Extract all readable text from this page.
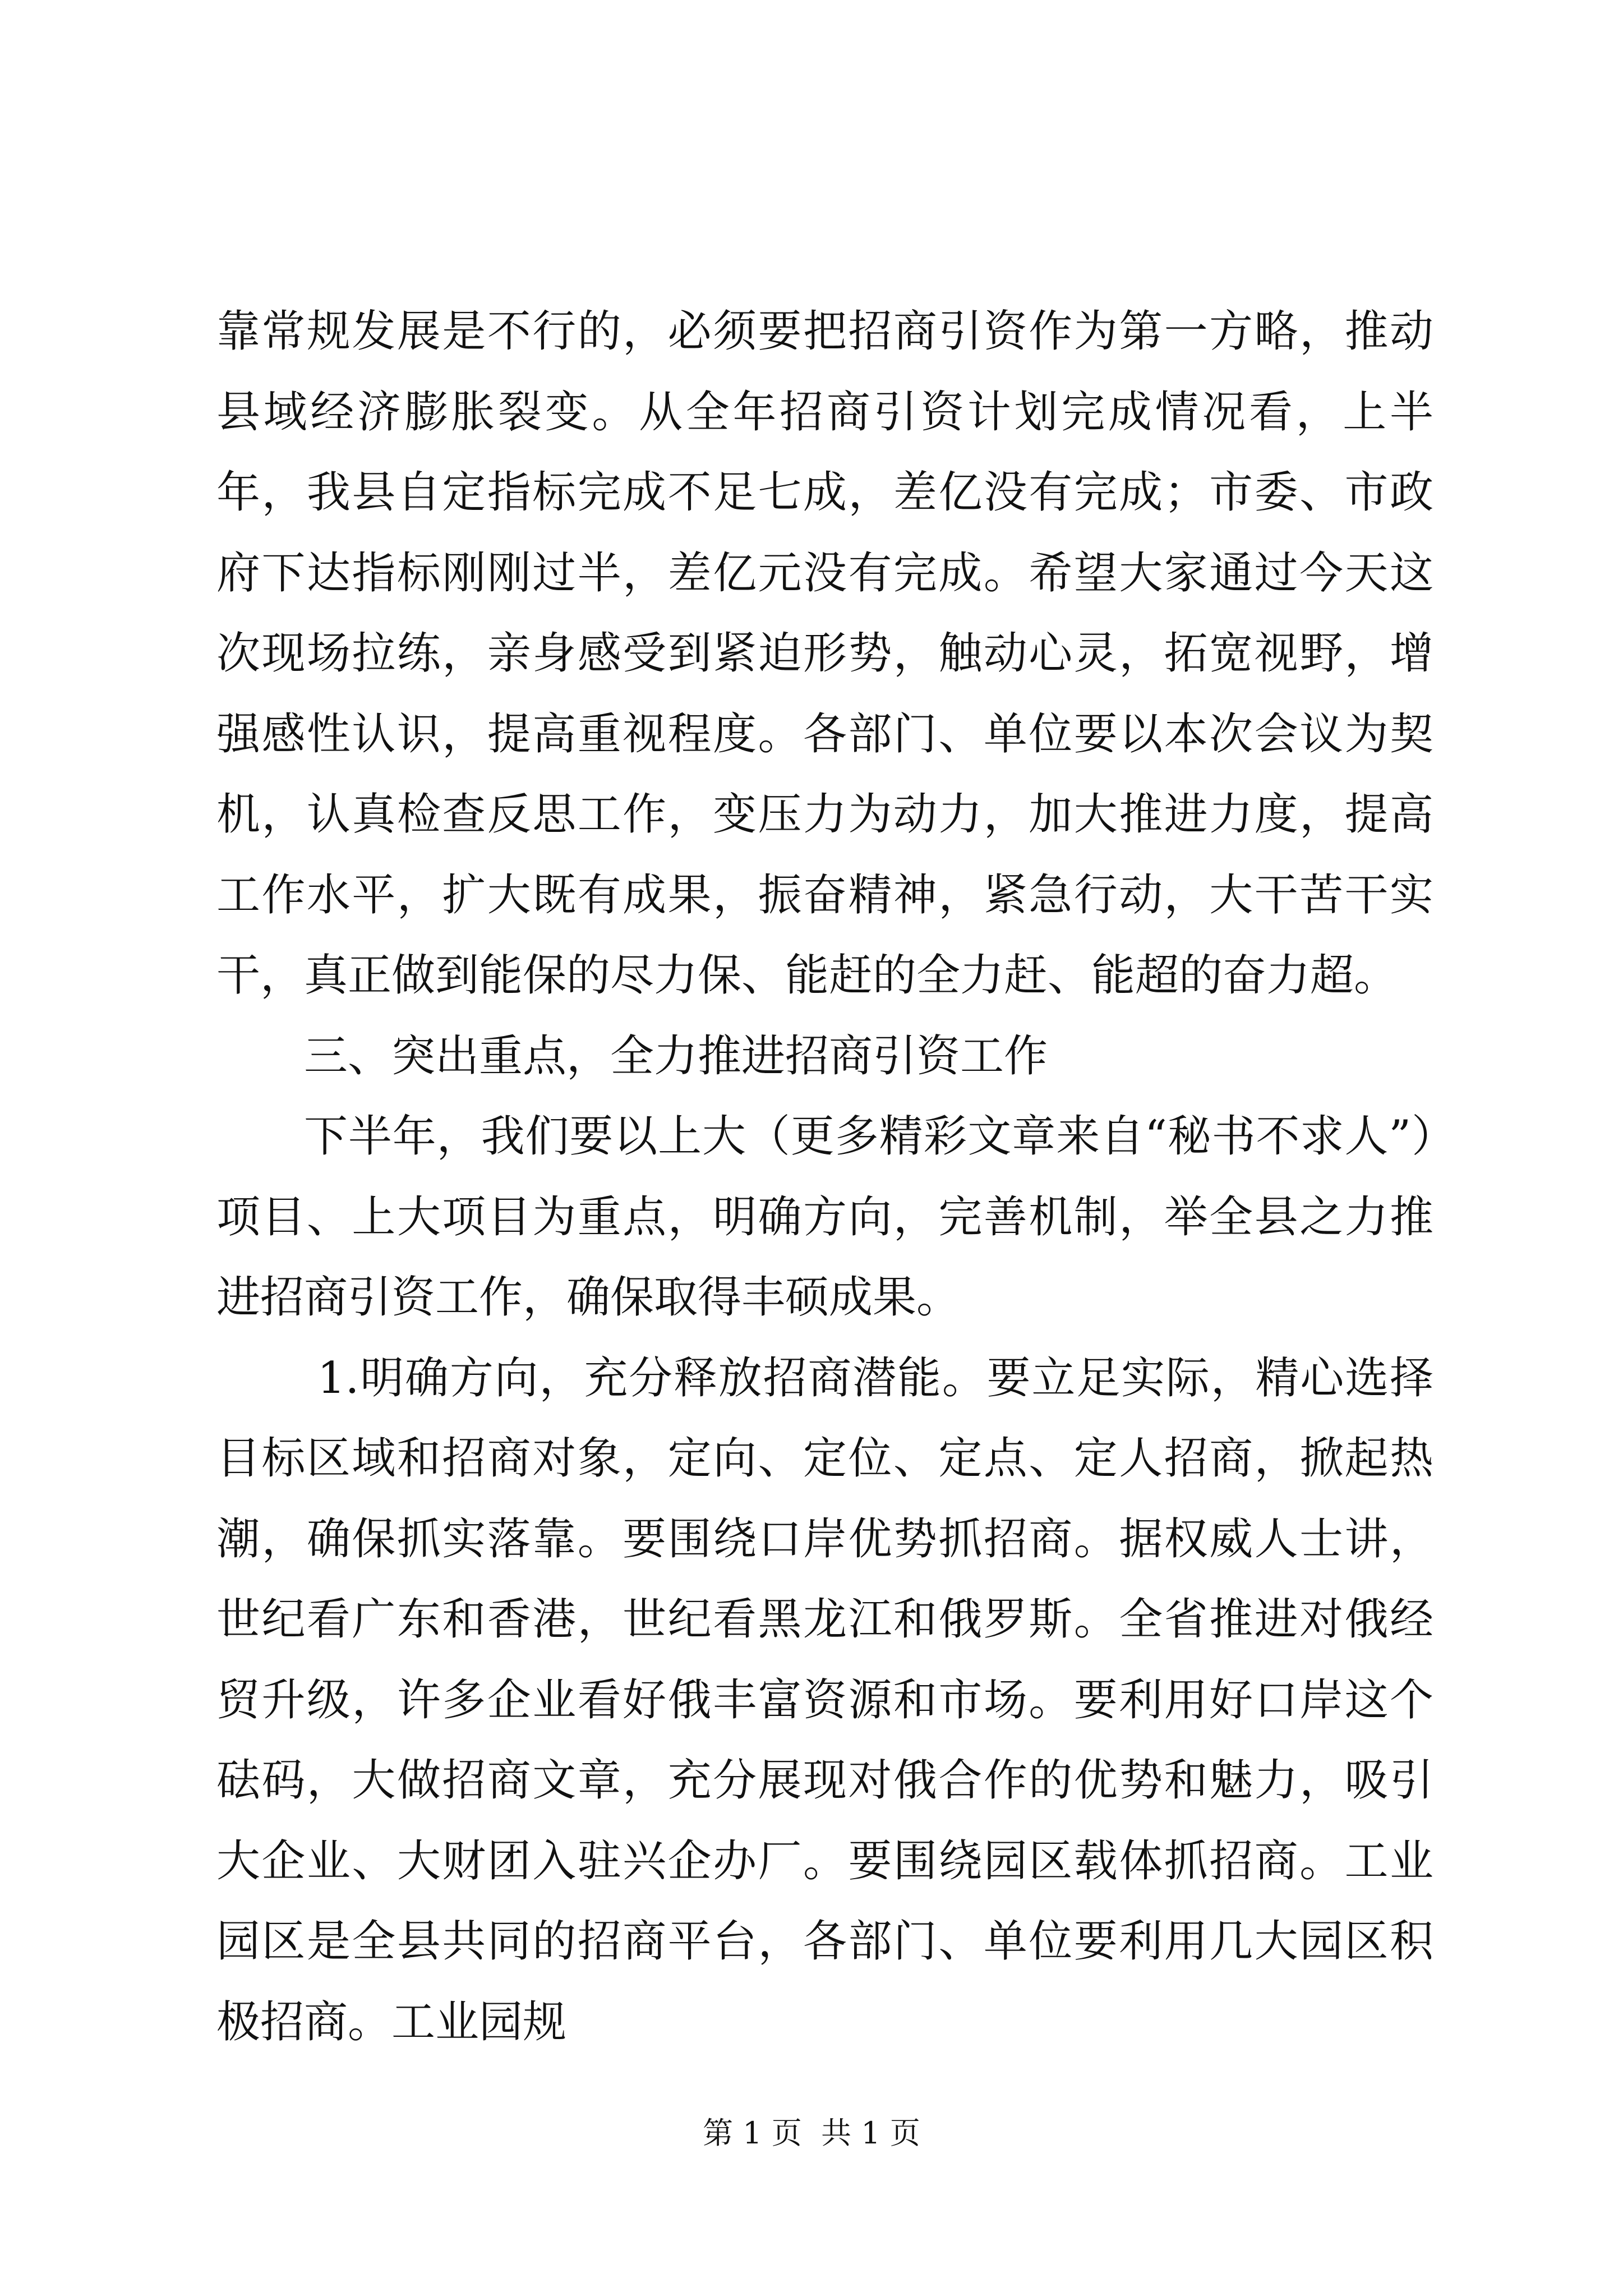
靠常规发展是不行的，必须要把招商引资作为第一方略，推动县域经济膨胀裂变。从全年招商引资计划完成情况看，上半年，我县自定指标完成不足七成，差亿没有完成；市委、市政府下达指标刚刚过半，差亿元没有完成。希望大家通过今天这次现场拉练，亲身感受到紧迫形势，触动心灵，拓宽视野，增强感性认识，提高重视程度。各部门、单位要以本次会议为契机，认真检查反思工作，变压力为动力，加大推进力度，提高工作水平，扩大既有成果，振奋精神，紧急行动，大干苦干实干，真正做到能保的尽力保、能赶的全力赶、能超的奋力超。

三、突出重点，全力推进招商引资工作

下半年，我们要以上大（更多精彩文章来自“秘书不求人”）项目、上大项目为重点，明确方向，完善机制，举全县之力推进招商引资工作，确保取得丰硕成果。

1.明确方向，充分释放招商潜能。要立足实际，精心选择目标区域和招商对象，定向、定位、定点、定人招商，掀起热潮，确保抓实落靠。要围绕口岸优势抓招商。据权威人士讲，世纪看广东和香港，世纪看黑龙江和俄罗斯。全省推进对俄经贸升级，许多企业看好俄丰富资源和市场。要利用好口岸这个砝码，大做招商文章，充分展现对俄合作的优势和魅力，吸引大企业、大财团入驻兴企办厂。要围绕园区载体抓招商。工业园区是全县共同的招商平台，各部门、单位要利用几大园区积极招商。工业园规

第 1 页  共 1 页
